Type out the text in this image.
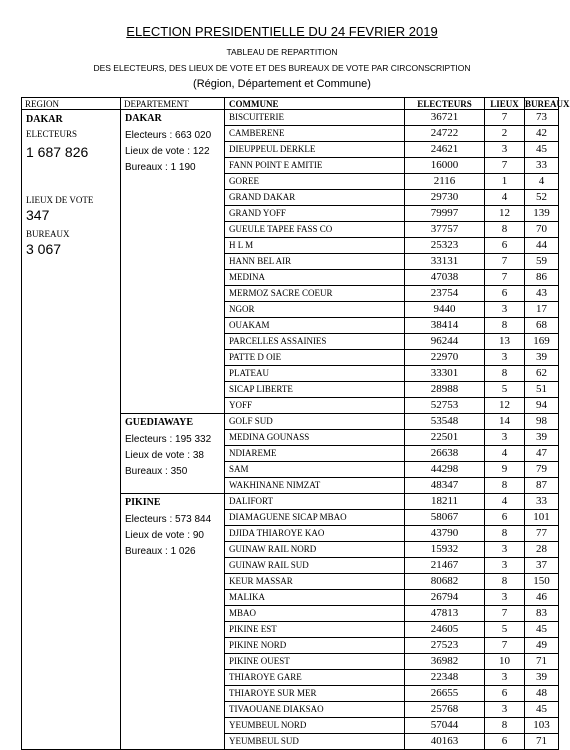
ELECTION PRESIDENTIELLE DU 24 FEVRIER 2019
TABLEAU DE REPARTITION
DES ELECTEURS, DES LIEUX DE VOTE ET DES BUREAUX DE VOTE PAR CIRCONSCRIPTION
(Région, Département et Commune)
REGION	DEPARTEMENT	COMMUNE	ELECTEURS	LIEUX BUREAUX
DAKAR
ELECTEURS
1 687 826
LIEUX DE VOTE
347
BUREAUX
3 067
DAKAR
Electeurs : 663 020
Lieux de vote : 122
Bureaux : 1 190
BISCUITERIE	36721	7	73
CAMBERENE	24722	2	42
DIEUPPEUL DERKLE	24621	3	45
FANN POINT E AMITIE	16000	7	33
GOREE	2116	1	4
GRAND DAKAR	29730	4	52
GRAND YOFF	79997	12	139
GUEULE TAPEE FASS CO	37757	8	70
H L M	25323	6	44
HANN BEL AIR	33131	7	59
MEDINA	47038	7	86
MERMOZ SACRE COEUR	23754	6	43
NGOR	9440	3	17
OUAKAM	38414	8	68
PARCELLES ASSAINIES	96244	13	169
PATTE D OIE	22970	3	39
PLATEAU	33301	8	62
SICAP LIBERTE	28988	5	51
YOFF	52753	12	94
GUEDIAWAYE
Electeurs : 195 332
Lieux de vote : 38
Bureaux : 350
GOLF SUD	53548	14	98
MEDINA GOUNASS	22501	3	39
NDIAREME	26638	4	47
SAM	44298	9	79
WAKHINANE NIMZAT	48347	8	87
PIKINE
Electeurs : 573 844
Lieux de vote : 90
Bureaux : 1 026
DALIFORT	18211	4	33
DIAMAGUENE SICAP MBAO	58067	6	101
DJIDA THIAROYE KAO	43790	8	77
GUINAW RAIL NORD	15932	3	28
GUINAW RAIL SUD	21467	3	37
KEUR MASSAR	80682	8	150
MALIKA	26794	3	46
MBAO	47813	7	83
PIKINE EST	24605	5	45
PIKINE NORD	27523	7	49
PIKINE OUEST	36982	10	71
THIAROYE GARE	22348	3	39
THIAROYE SUR MER	26655	6	48
TIVAOUANE DIAKSAO	25768	3	45
YEUMBEUL NORD	57044	8	103
YEUMBEUL SUD	40163	6	71
